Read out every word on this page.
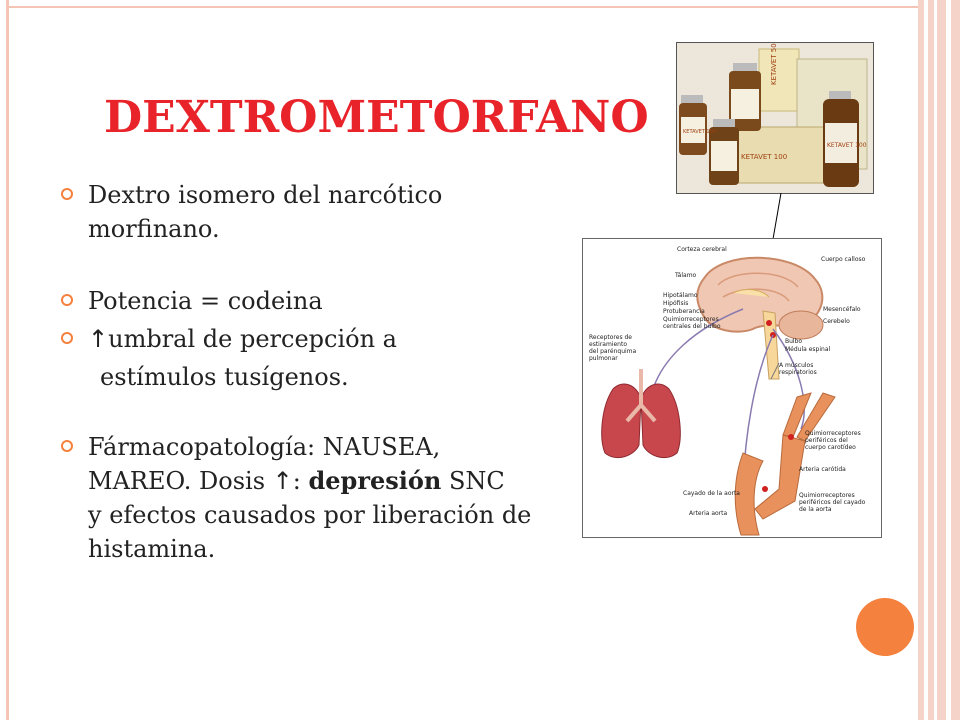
DEXTROMETORFANO
Dextro isomero del narcótico
morfinano.
Potencia = codeina
↑umbral de percepción a
estímulos tusígenos.
Fármacopatología: NAUSEA,
MAREO. Dosis ↑: depresión SNC
y efectos causados por liberación de
histamina.
KETAVET 50
KETAVET 100
KETAVET 100
KETAVET 100
Corteza cerebral
Tálamo
Hipotálamo
Hipófisis
Protuberancia
Quimiorreceptores
centrales del bulbo
Cuerpo calloso
Mesencéfalo
Cerebelo
Bulbo
Médula espinal
A músculos
respiratorios
Receptores de
estiramiento
del parénquima
pulmonar
Quimiorreceptores
periféricos del
cuerpo carotídeo
Arteria carótida
Cayado de la aorta
Arteria aorta
Quimiorreceptores
periféricos del cayado
de la aorta
